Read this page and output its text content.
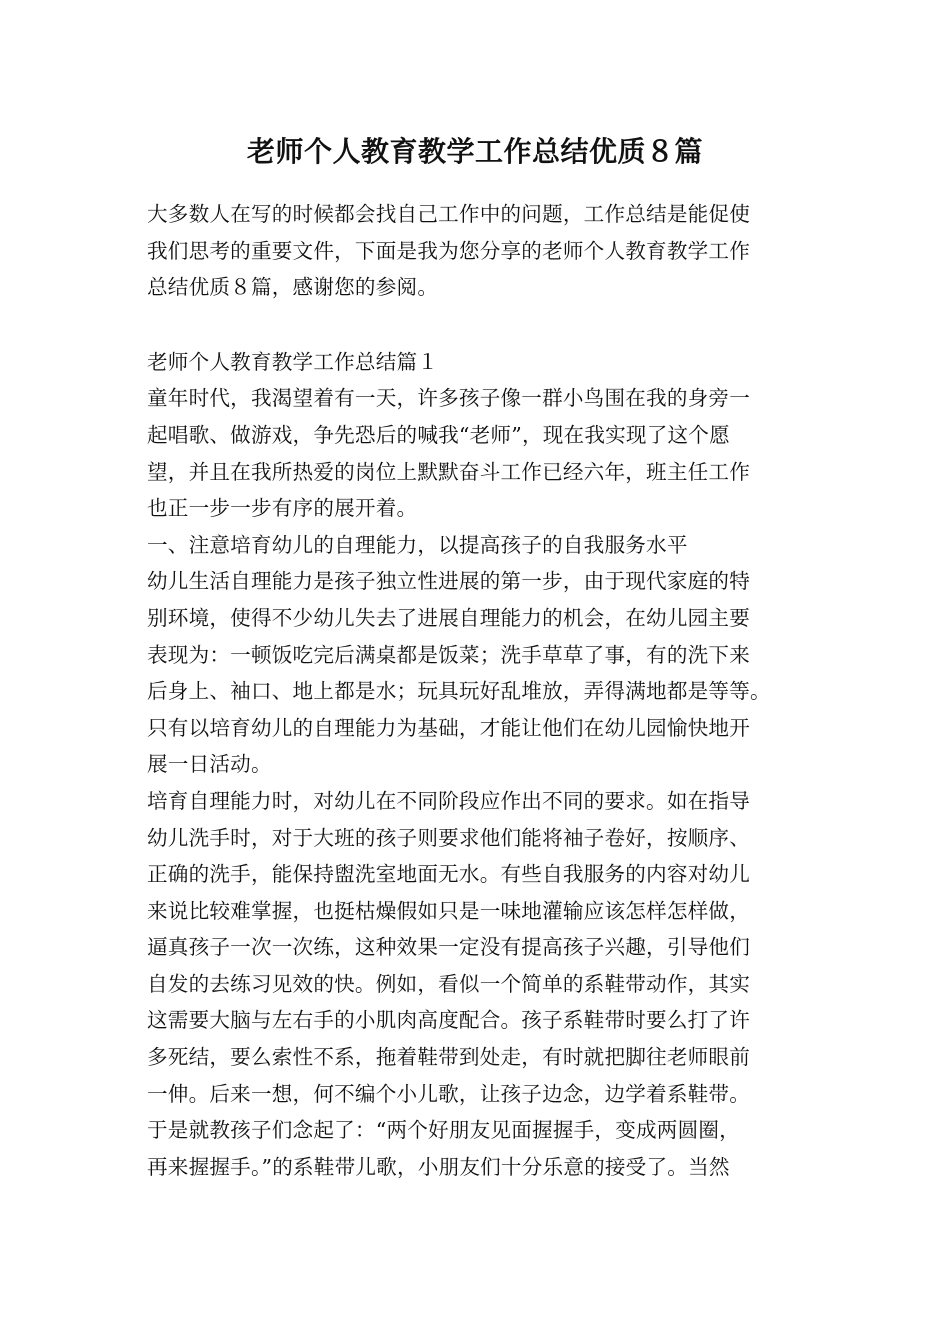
老师个人教育教学工作总结优质８篇
大多数人在写的时候都会找自己工作中的问题，工作总结是能促使
我们思考的重要文件，下面是我为您分享的老师个人教育教学工作
总结优质８篇，感谢您的参阅。
老师个人教育教学工作总结篇１
童年时代，我渴望着有一天，许多孩子像一群小鸟围在我的身旁一
起唱歌、做游戏，争先恐后的喊我“老师”，现在我实现了这个愿
望，并且在我所热爱的岗位上默默奋斗工作已经六年，班主任工作
也正一步一步有序的展开着。
一、注意培育幼儿的自理能力，以提高孩子的自我服务水平
幼儿生活自理能力是孩子独立性进展的第一步，由于现代家庭的特
别环境，使得不少幼儿失去了进展自理能力的机会，在幼儿园主要
表现为：一顿饭吃完后满桌都是饭菜；洗手草草了事，有的洗下来
后身上、袖口、地上都是水；玩具玩好乱堆放，弄得满地都是等等。
只有以培育幼儿的自理能力为基础，才能让他们在幼儿园愉快地开
展一日活动。
培育自理能力时，对幼儿在不同阶段应作出不同的要求。如在指导
幼儿洗手时，对于大班的孩子则要求他们能将袖子卷好，按顺序、
正确的洗手，能保持盥洗室地面无水。有些自我服务的内容对幼儿
来说比较难掌握，也挺枯燥假如只是一味地灌输应该怎样怎样做，
逼真孩子一次一次练，这种效果一定没有提高孩子兴趣，引导他们
自发的去练习见效的快。例如，看似一个简单的系鞋带动作，其实
这需要大脑与左右手的小肌肉高度配合。孩子系鞋带时要么打了许
多死结，要么索性不系，拖着鞋带到处走，有时就把脚往老师眼前
一伸。后来一想，何不编个小儿歌，让孩子边念，边学着系鞋带。
于是就教孩子们念起了：“两个好朋友见面握握手，变成两圆圈，
再来握握手。”的系鞋带儿歌，小朋友们十分乐意的接受了。当然
